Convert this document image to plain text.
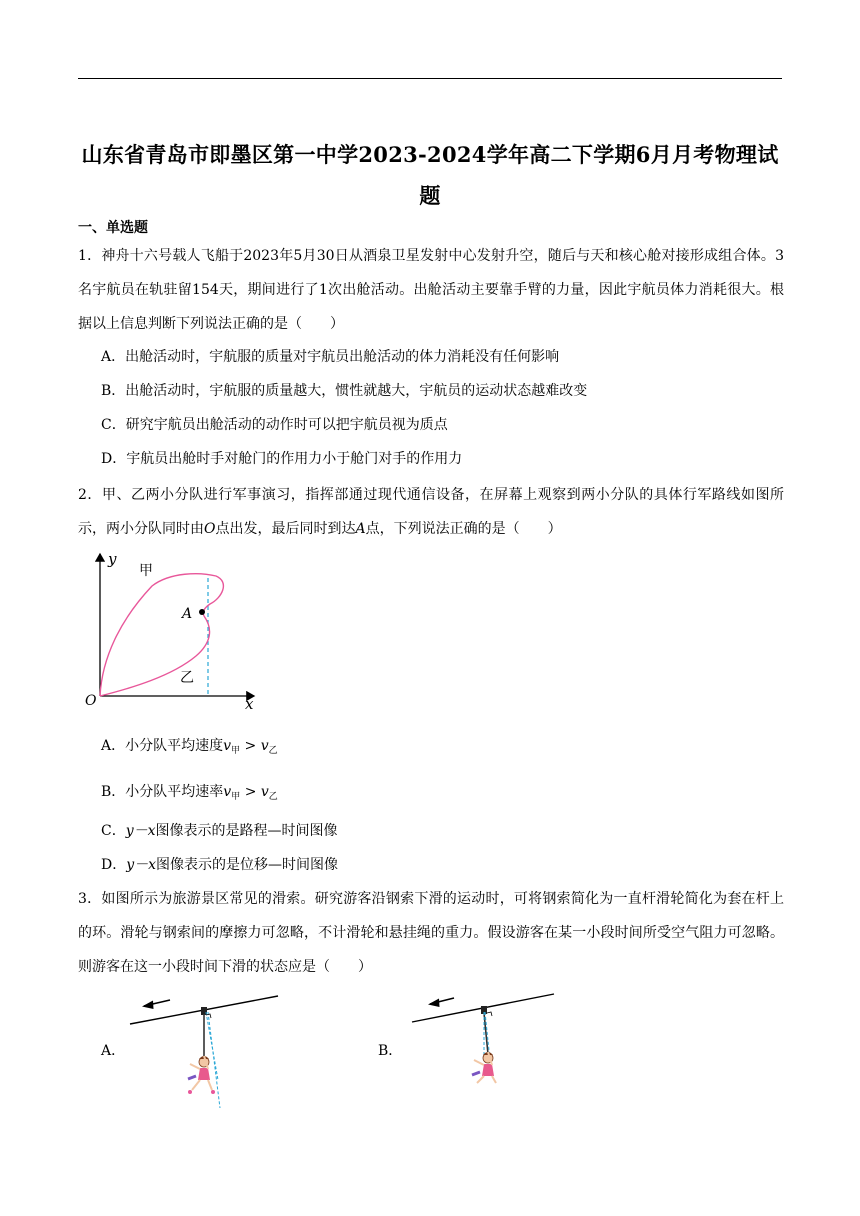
山东省青岛市即墨区第一中学2023-2024学年高二下学期6月月考物理试
题
一、单选题
1．神舟十六号载人飞船于2023年5月30日从酒泉卫星发射中心发射升空，随后与天和核心舱对接形成组合体。3名宇航员在轨驻留154天，期间进行了1次出舱活动。出舱活动主要靠手臂的力量，因此宇航员体力消耗很大。根据以上信息判断下列说法正确的是（　　）
A．出舱活动时，宇航服的质量对宇航员出舱活动的体力消耗没有任何影响
B．出舱活动时，宇航服的质量越大，惯性就越大，宇航员的运动状态越难改变
C．研究宇航员出舱活动的动作时可以把宇航员视为质点
D．宇航员出舱时手对舱门的作用力小于舱门对手的作用力
2．甲、乙两小分队进行军事演习，指挥部通过现代通信设备，在屏幕上观察到两小分队的具体行军路线如图所示，两小分队同时由O点出发，最后同时到达A点，下列说法正确的是（　　）
y
x
O
A
甲
乙
A．小分队平均速度$v_甲 > v_乙$
B．小分队平均速率$v_甲 > v_乙$
C．y－x图像表示的是路程—时间图像
D．y－x图像表示的是位移—时间图像
3．如图所示为旅游景区常见的滑索。研究游客沿钢索下滑的运动时，可将钢索简化为一直杆滑轮简化为套在杆上的环。滑轮与钢索间的摩擦力可忽略，不计滑轮和悬挂绳的重力。假设游客在某一小段时间所受空气阻力可忽略。则游客在这一小段时间下滑的状态应是（　　）
A．	B．
